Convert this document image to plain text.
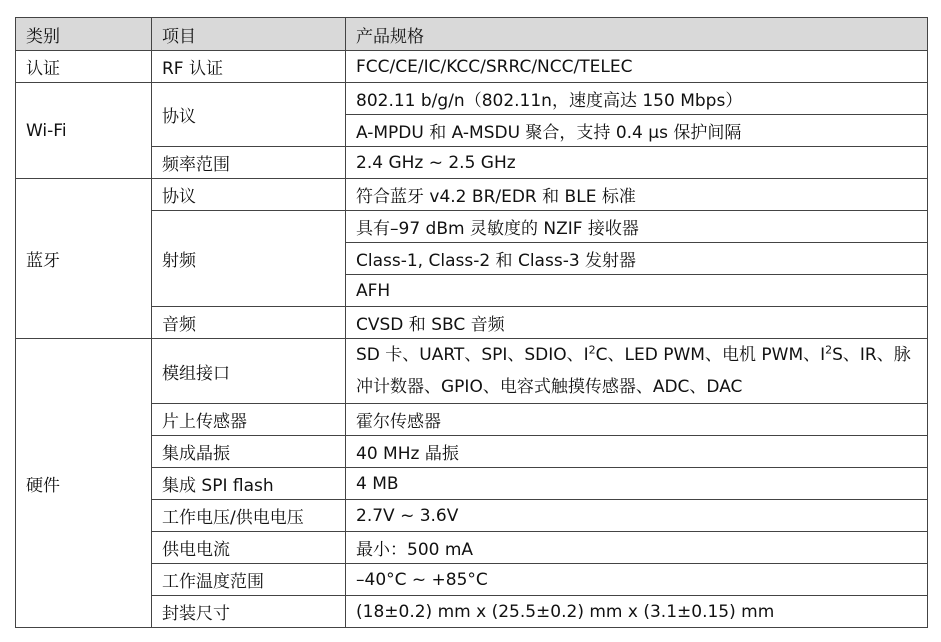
类别	项目	产品规格
认证	RF 认证	FCC/CE/IC/KCC/SRRC/NCC/TELEC
Wi-Fi	协议	802.11 b/g/n（802.11n，速度高达 150 Mbps）
		A-MPDU 和 A-MSDU 聚合，支持 0.4 µs 保护间隔
	频率范围	2.4 GHz ~ 2.5 GHz
蓝牙	协议	符合蓝牙 v4.2 BR/EDR 和 BLE 标准
	射频	具有–97 dBm 灵敏度的 NZIF 接收器
		Class-1, Class-2 和 Class-3 发射器
		AFH
	音频	CVSD 和 SBC 音频
硬件	模组接口	SD 卡、UART、SPI、SDIO、$I^2C$、LED PWM、电机 PWM、$I^2S$、IR、脉冲计数器、GPIO、电容式触摸传感器、ADC、DAC
	片上传感器	霍尔传感器
	集成晶振	40 MHz 晶振
	集成 SPI flash	4 MB
	工作电压/供电电压	2.7V ~ 3.6V
	供电电流	最小：500 mA
	工作温度范围	–40°C ~ +85°C
	封装尺寸	(18±0.2) mm x (25.5±0.2) mm x (3.1±0.15) mm
